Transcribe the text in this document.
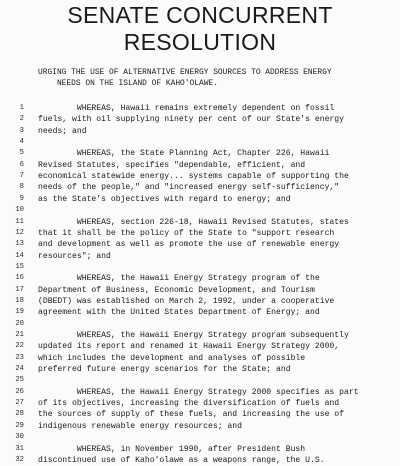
SENATE CONCURRENT
RESOLUTION
URGING THE USE OF ALTERNATIVE ENERGY SOURCES TO ADDRESS ENERGY
NEEDS ON THE ISLAND OF KAHO'OLAWE.
1 WHEREAS, Hawaii remains extremely dependent on fossil
2 fuels, with oil supplying ninety per cent of our State's energy
3 needs; and
4
5 WHEREAS, the State Planning Act, Chapter 226, Hawaii
6 Revised Statutes, specifies "dependable, efficient, and
7 economical statewide energy... systems capable of supporting the
8 needs of the people," and "increased energy self-sufficiency,"
9 as the State's objectives with regard to energy; and
10
11 WHEREAS, section 226-18, Hawaii Revised Statutes, states
12 that it shall be the policy of the State to "support research
13 and development as well as promote the use of renewable energy
14 resources"; and
15
16 WHEREAS, the Hawaii Energy Strategy program of the
17 Department of Business, Economic Development, and Tourism
18 (DBEDT) was established on March 2, 1992, under a cooperative
19 agreement with the United States Department of Energy; and
20
21 WHEREAS, the Hawaii Energy Strategy program subsequently
22 updated its report and renamed it Hawaii Energy Strategy 2000,
23 which includes the development and analyses of possible
24 preferred future energy scenarios for the State; and
25
26 WHEREAS, the Hawaii Energy Strategy 2000 specifies as part
27 of its objectives, increasing the diversification of fuels and
28 the sources of supply of these fuels, and increasing the use of
29 indigenous renewable energy resources; and
30
31 WHEREAS, in November 1990, after President Bush
32 discontinued use of Kaho'olawe as a weapons range, the U.S.
